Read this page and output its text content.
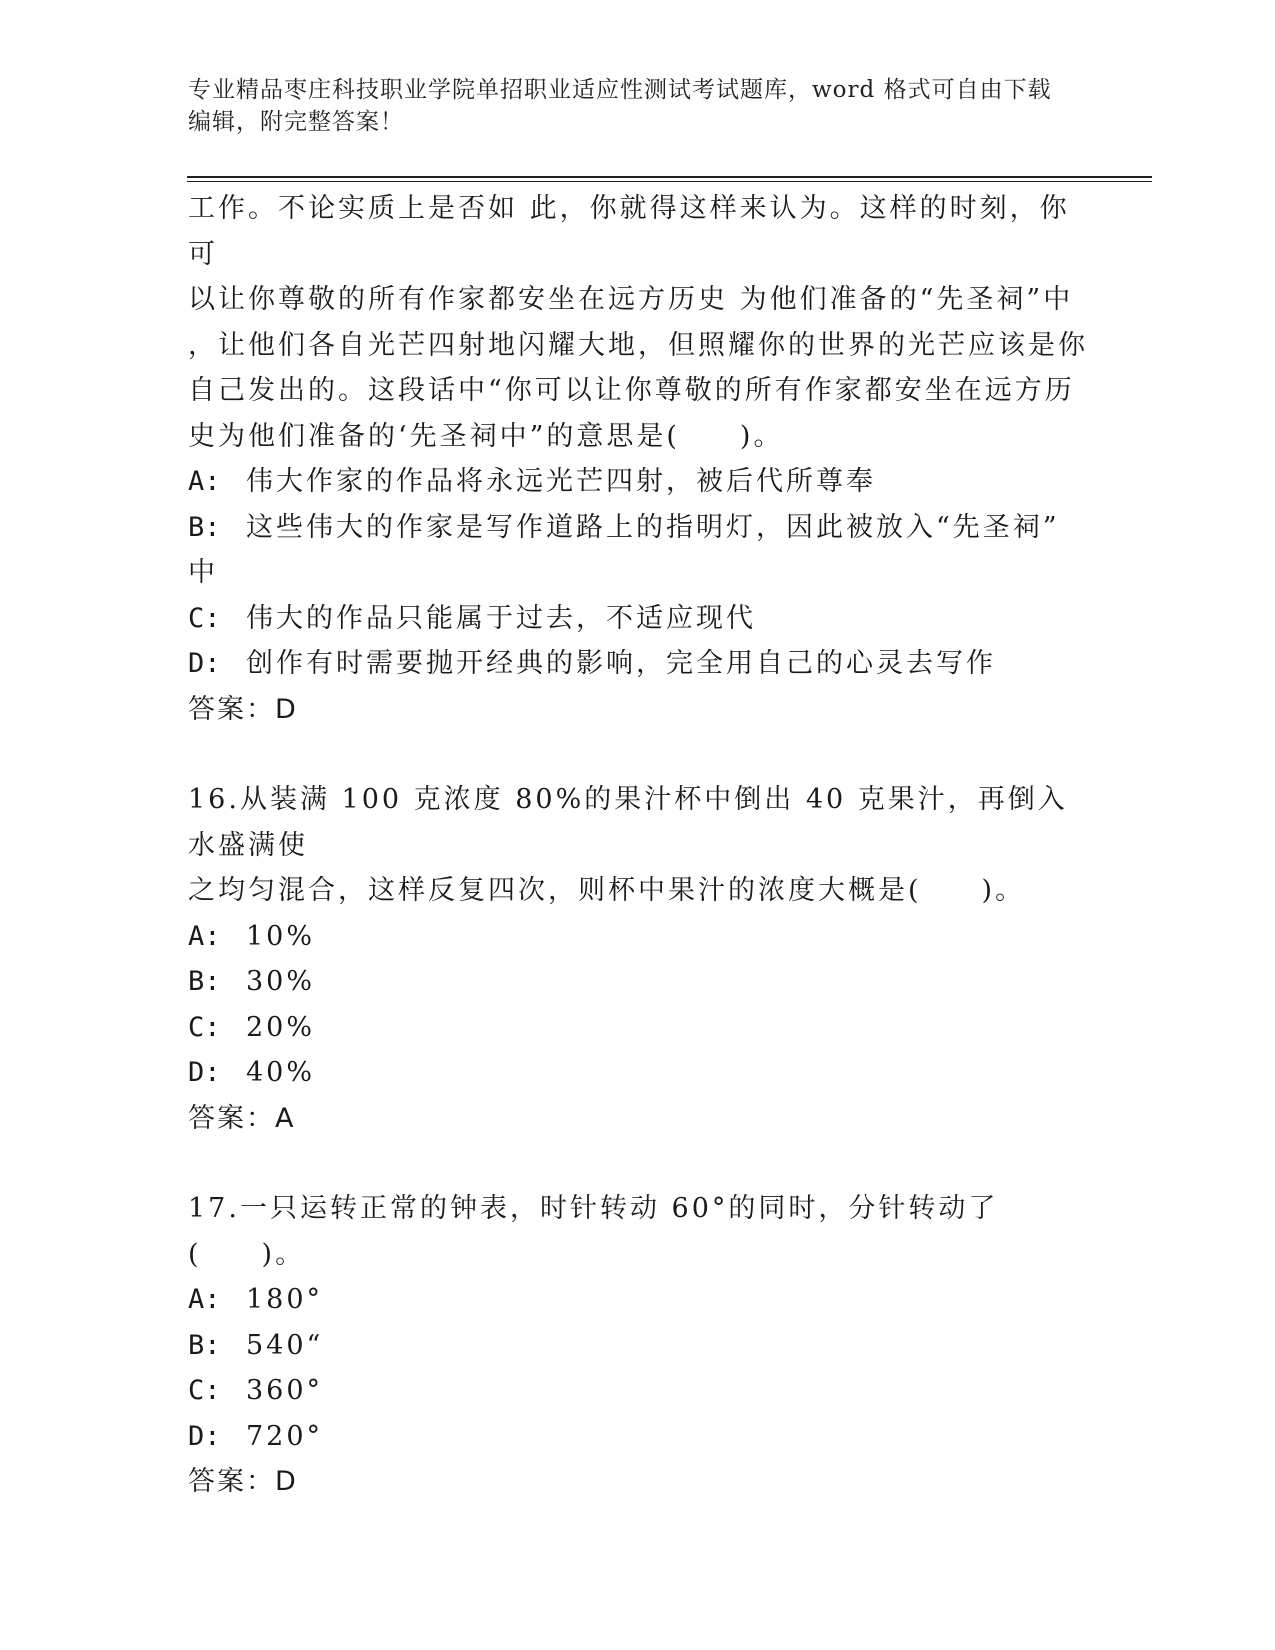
专业精品枣庄科技职业学院单招职业适应性测试考试题库，word 格式可自由下载
编辑，附完整答案！

工作。不论实质上是否如 此，你就得这样来认为。这样的时刻，你可

以让你尊敬的所有作家都安坐在远方历史 为他们准备的“先圣祠”中

，让他们各自光芒四射地闪耀大地，但照耀你的世界的光芒应该是你

自己发出的。这段话中“你可以让你尊敬的所有作家都安坐在远方历

史为他们准备的‘先圣祠中”的意思是(　　)。

A: 伟大作家的作品将永远光芒四射，被后代所尊奉
B: 这些伟大的作家是写作道路上的指明灯，因此被放入“先圣祠”
中
C: 伟大的作品只能属于过去，不适应现代
D: 创作有时需要抛开经典的影响，完全用自己的心灵去写作
答案：D

16.从装满 100 克浓度 80%的果汁杯中倒出 40 克果汁，再倒入水盛满使

之均匀混合，这样反复四次，则杯中果汁的浓度大概是(　　)。

A: 10%
B: 30%
C: 20%
D: 40%
答案：A

17.一只运转正常的钟表，时针转动 60°的同时，分针转动了(　　)。

A: 180°
B: 540“
C: 360°
D: 720°
答案：D
